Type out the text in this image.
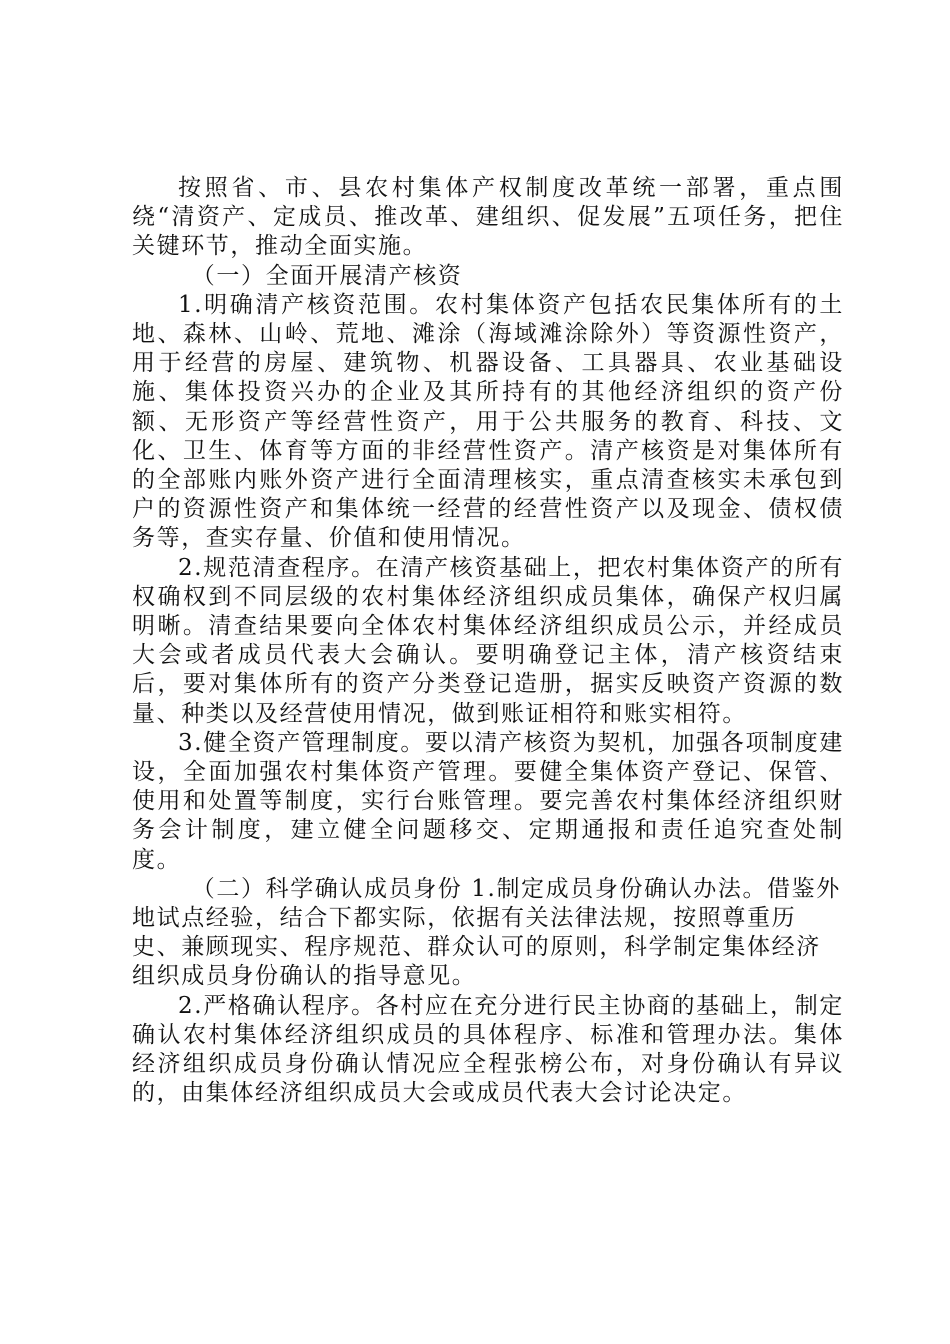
按照省、市、县农村集体产权制度改革统一部署，重点围绕“清资产、定成员、推改革、建组织、促发展”五项任务，把住关键环节，推动全面实施。

（一）全面开展清产核资

1.明确清产核资范围。农村集体资产包括农民集体所有的土地、森林、山岭、荒地、滩涂（海域滩涂除外）等资源性资产，用于经营的房屋、建筑物、机器设备、工具器具、农业基础设施、集体投资兴办的企业及其所持有的其他经济组织的资产份额、无形资产等经营性资产，用于公共服务的教育、科技、文化、卫生、体育等方面的非经营性资产。清产核资是对集体所有的全部账内账外资产进行全面清理核实，重点清查核实未承包到户的资源性资产和集体统一经营的经营性资产以及现金、债权债务等，查实存量、价值和使用情况。

2.规范清查程序。在清产核资基础上，把农村集体资产的所有权确权到不同层级的农村集体经济组织成员集体，确保产权归属明晰。清查结果要向全体农村集体经济组织成员公示，并经成员大会或者成员代表大会确认。要明确登记主体，清产核资结束后，要对集体所有的资产分类登记造册，据实反映资产资源的数量、种类以及经营使用情况，做到账证相符和账实相符。

3.健全资产管理制度。要以清产核资为契机，加强各项制度建设，全面加强农村集体资产管理。要健全集体资产登记、保管、使用和处置等制度，实行台账管理。要完善农村集体经济组织财务会计制度，建立健全问题移交、定期通报和责任追究查处制度。

（二）科学确认成员身份 1.制定成员身份确认办法。借鉴外地试点经验，结合下都实际，依据有关法律法规，按照尊重历史、兼顾现实、程序规范、群众认可的原则，科学制定集体经济组织成员身份确认的指导意见。

2.严格确认程序。各村应在充分进行民主协商的基础上，制定确认农村集体经济组织成员的具体程序、标准和管理办法。集体经济组织成员身份确认情况应全程张榜公布，对身份确认有异议的，由集体经济组织成员大会或成员代表大会讨论决定。
